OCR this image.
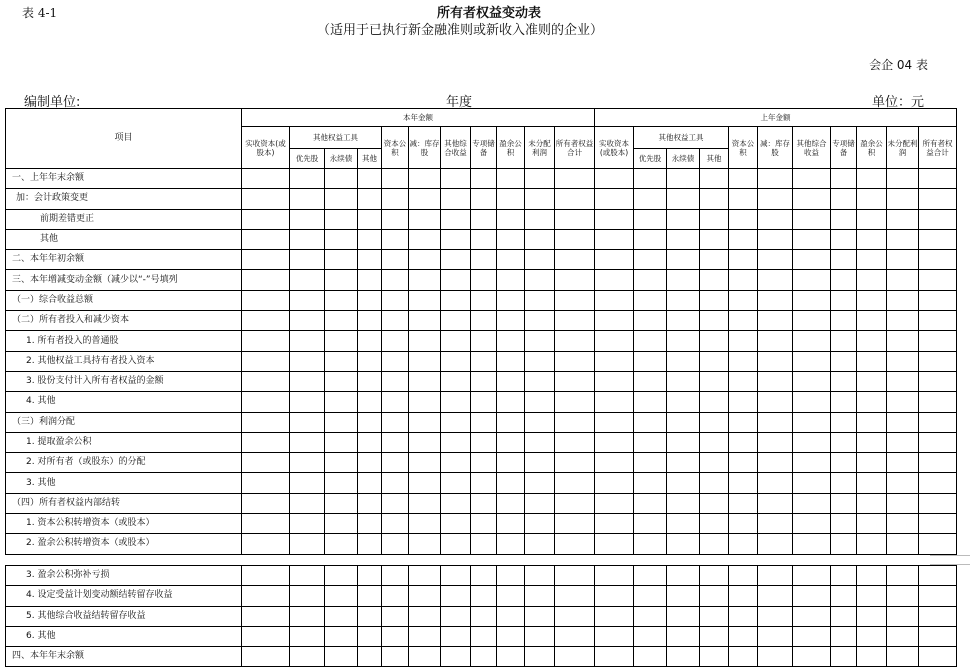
表 4-1	所有者权益变动表
（适用于已执行新金融准则或新收入准则的企业）
会企 04 表
编制单位:	年度	单位：元
项目	本年金额											上年金额										
	实收资本(或股本)	其他权益工具			资本公积	减：库存股	其他综合收益	专项储备	盈余公积	未分配利润	所有者权益合计	实收资本(或股本)	其他权益工具			资本公积	减：库存股	其他综合收益	专项储备	盈余公积	未分配利润	所有者权益合计
		优先股	永续债	其他									优先股	永续债	其他							
一、上年年末余额																						
加：会计政策变更																						
前期差错更正																						
其他																						
二、本年年初余额																						
三、本年增减变动金额（减少以“-”号填列																						
（一）综合收益总额																						
（二）所有者投入和减少资本																						
1. 所有者投入的普通股																						
2. 其他权益工具持有者投入资本																						
3. 股份支付计入所有者权益的金额																						
4. 其他																						
（三）利润分配																						
1. 提取盈余公积																						
2. 对所有者（或股东）的分配																						
3. 其他																						
（四）所有者权益内部结转																						
1. 资本公积转增资本（或股本）																						
2. 盈余公积转增资本（或股本）																						
3. 盈余公积弥补亏损																						
4. 设定受益计划变动额结转留存收益																						
5. 其他综合收益结转留存收益																						
6. 其他																						
四、本年年末余额																						
